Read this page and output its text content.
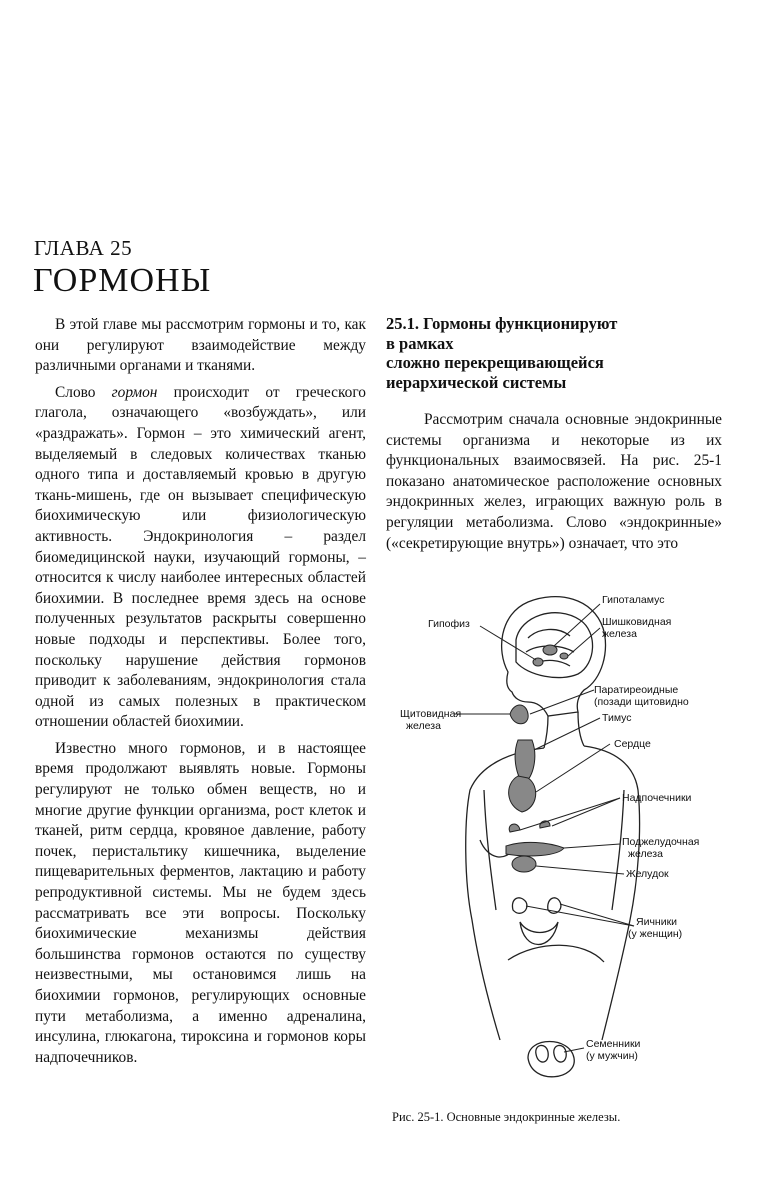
ГЛАВА 25
ГОРМОНЫ

В этой главе мы рассмотрим гормоны и то, как они регулируют взаимодействие между различными органами и тканями.

Слово гормон происходит от греческого глагола, означающего «возбуждать», или «раздражать». Гормон – это химический агент, выделяемый в следовых количествах тканью одного типа и доставляемый кровью в другую ткань-мишень, где он вызывает специфическую биохимическую или физиологическую активность. Эндокринология – раздел биомедицинской науки, изучающий гормоны, – относится к числу наиболее интересных областей биохимии. В последнее время здесь на основе полученных результатов раскрыты совершенно новые подходы и перспективы. Более того, поскольку нарушение действия гормонов приводит к заболеваниям, эндокринология стала одной из самых полезных в практическом отношении областей биохимии.

Известно много гормонов, и в настоящее время продолжают выявлять новые. Гормоны регулируют не только обмен веществ, но и многие другие функции организма, рост клеток и тканей, ритм сердца, кровяное давление, работу почек, перистальтику кишечника, выделение пищеварительных ферментов, лактацию и работу репродуктивной системы. Мы не будем здесь рассматривать все эти вопросы. Поскольку биохимические механизмы действия большинства гормонов остаются по существу неизвестными, мы остановимся лишь на биохимии гормонов, регулирующих основные пути метаболизма, а именно адреналина, инсулина, глюкагона, тироксина и гормонов коры надпочечников.

25.1. Гормоны функционируют
в рамках
сложно перекрещивающейся
иерархической системы

Рассмотрим сначала основные эндокринные системы организма и некоторые из их функциональных взаимосвязей. На рис. 25-1 показано анатомическое расположение основных эндокринных желез, играющих важную роль в регуляции метаболизма. Слово «эндокринные» («секретирующие внутрь») означает, что это

Гипоталамус
Гипофиз	Шишковидная
железа
Паратиреоидные
(позади щитовидно
Щитовидная
железа
Тимус
Сердце
Надпочечники
Поджелудочная
железа
Желудок
Яичники
(у женщин)
Семенники
(у мужчин)
Рис. 25-1. Основные эндокринные железы.
